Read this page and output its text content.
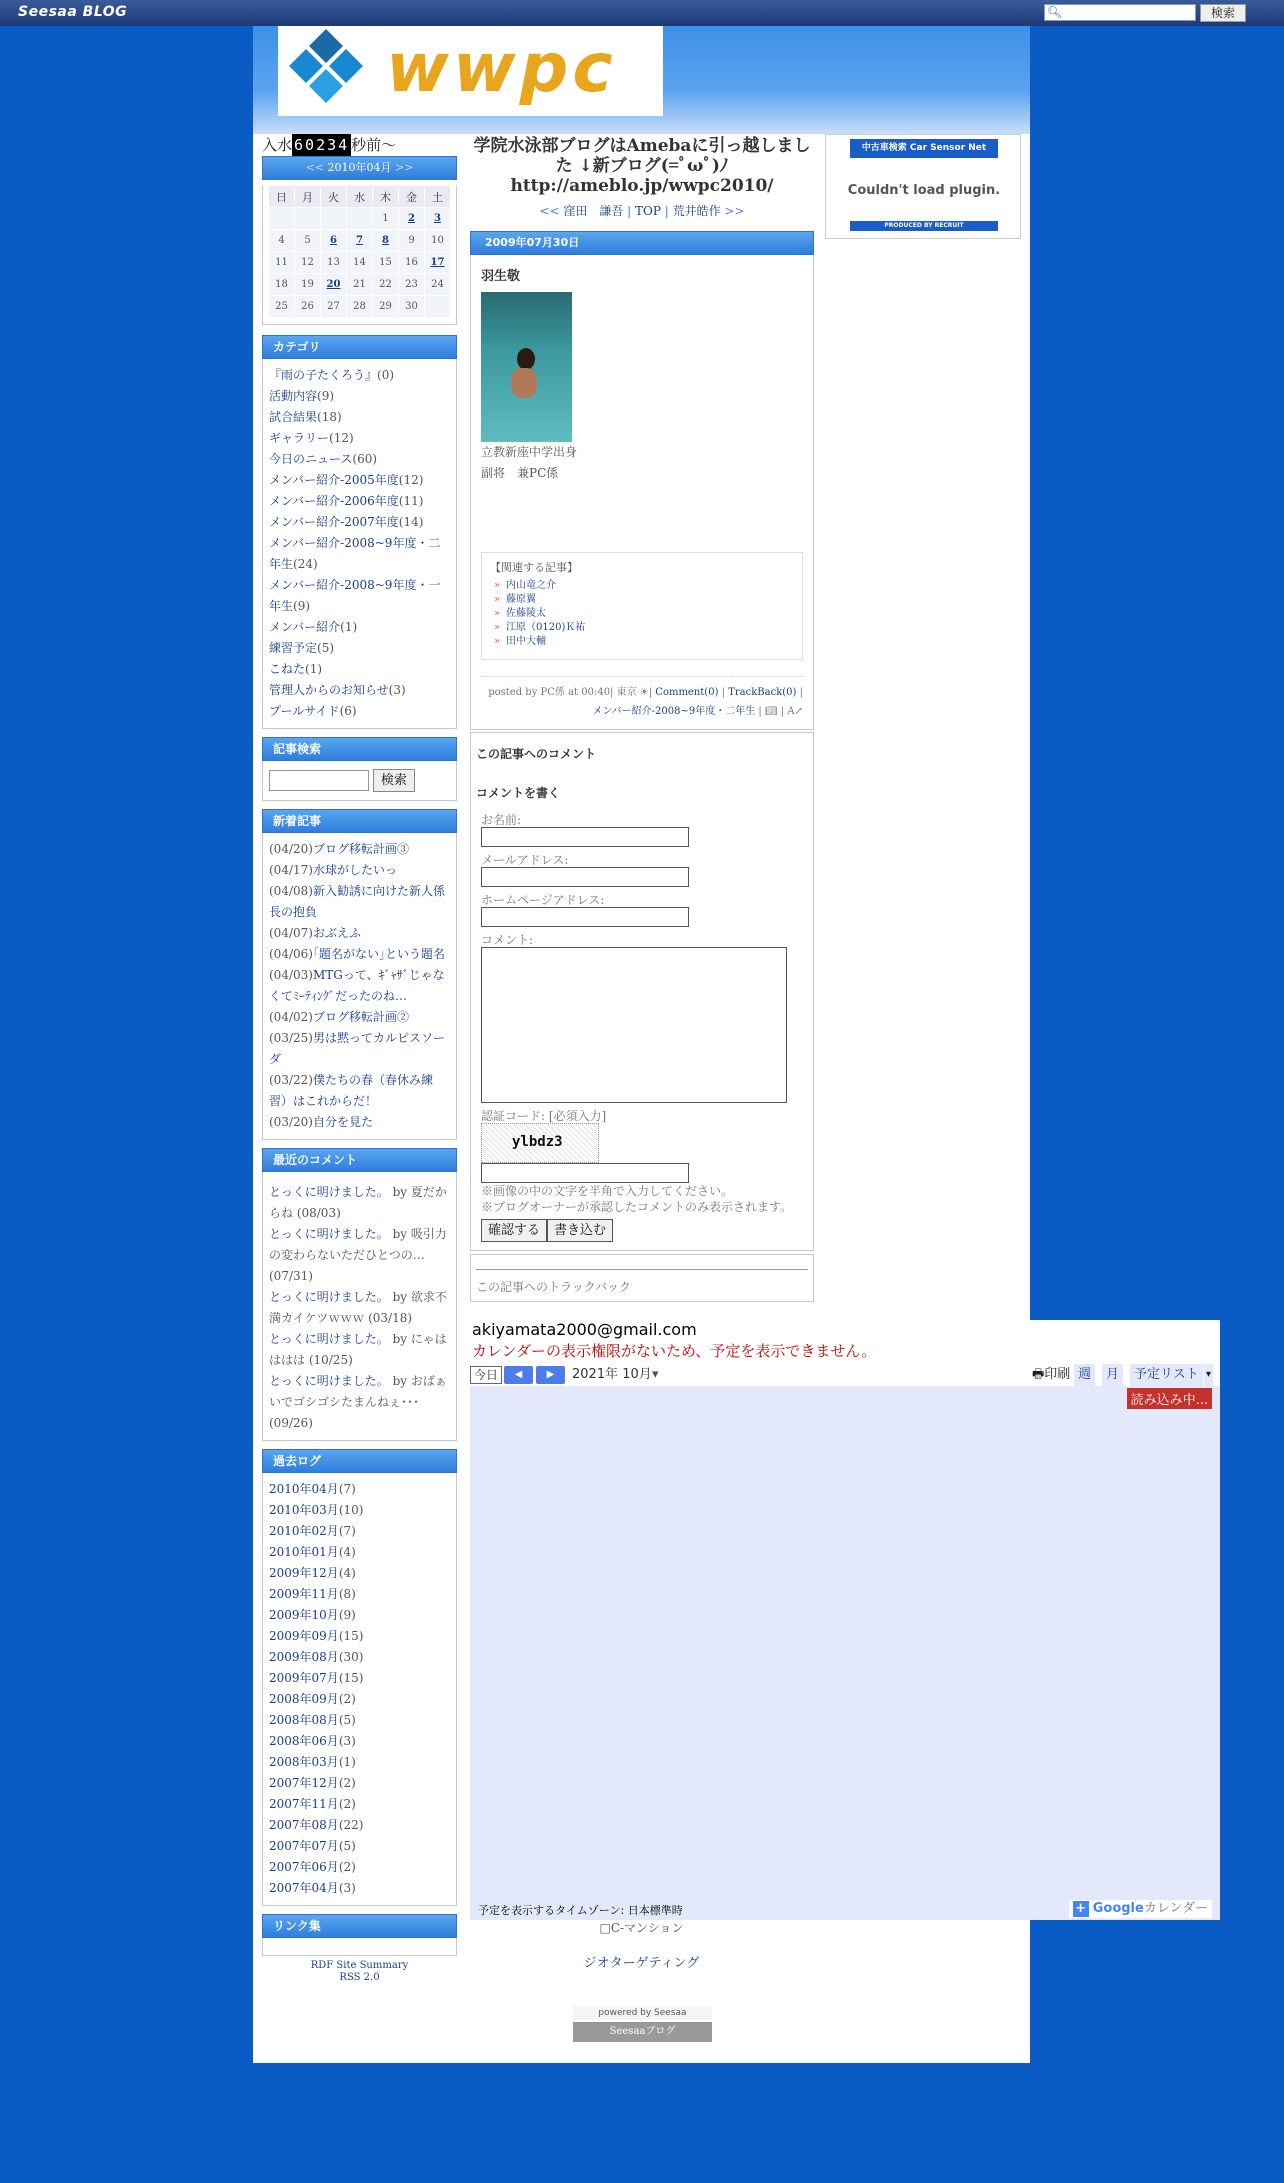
Seesaa BLOG	🔍︎	検索
wwpc
入水 60234 秒前～
<< 2010年04月 >>
日	月	火	水	木	金	土
				1	2	3
4	5	6	7	8	9	10
11	12	13	14	15	16	17
18	19	20	21	22	23	24
25	26	27	28	29	30	
カテゴリ
『雨の子たくろう』(0)
活動内容(9)
試合結果(18)
ギャラリー(12)
今日のニュース(60)
メンバー紹介-2005年度(12)
メンバー紹介-2006年度(11)
メンバー紹介-2007年度(14)
メンバー紹介-2008~9年度・二年生(24)
メンバー紹介-2008~9年度・一年生(9)
メンバー紹介(1)
練習予定(5)
こねた(1)
管理人からのお知らせ(3)
プールサイド(6)
記事検索
検索
新着記事
(04/20)ブログ移転計画③
(04/17)水球がしたいっ
(04/08)新入勧誘に向けた新人係長の抱負
(04/07)おぶえふ
(04/06)｢題名がない｣という題名
(04/03)MTGって、ｷﾞｬｻﾞじゃなくてﾐｰﾃｨﾝｸﾞだったのね…
(04/02)ブログ移転計画②
(03/25)男は黙ってカルピスソーダ
(03/22)僕たちの春（春休み練習）はこれからだ！
(03/20)自分を見た
最近のコメント
とっくに明けました。 by 夏だからね (08/03)
とっくに明けました。 by 吸引力の変わらないただひとつの… (07/31)
とっくに明けました。 by 欲求不満カイケツｗｗｗ (03/18)
とっくに明けました。 by にゃはははは (10/25)
とっくに明けました。 by おばぁいでゴシゴシたまんねぇ･･･ (09/26)
過去ログ
2010年04月(7)
2010年03月(10)
2010年02月(7)
2010年01月(4)
2009年12月(4)
2009年11月(8)
2009年10月(9)
2009年09月(15)
2009年08月(30)
2009年07月(15)
2008年09月(2)
2008年08月(5)
2008年06月(3)
2008年03月(1)
2007年12月(2)
2007年11月(2)
2007年08月(22)
2007年07月(5)
2007年06月(2)
2007年04月(3)
リンク集
RDF Site Summary
RSS 2.0
学院水泳部ブログはAmebaに引っ越しました ↓新ブログ(=ﾟωﾟ)ﾉ
http://ameblo.jp/wwpc2010/
<< 窪田　謙吾 | TOP | 荒井皓作 >>
2009年07月30日
羽生敬
立教新座中学出身
副将　兼PC係
【関連する記事】
» 内山竜之介
» 藤原翼
» 佐藤陵太
» 江原（0120)Ｋ祐
» 田中大輔
posted by PC係 at 00:40| 東京 ☀| Comment(0) | TrackBack(0) | メンバー紹介-2008~9年度・二年生 | 📖︎ | A↗
この記事へのコメント
コメントを書く
お名前:
メールアドレス:
ホームページアドレス:
コメント:
認証コード: [必須入力]
ylbdz3
※画像の中の文字を半角で入力してください。
※ブログオーナーが承認したコメントのみ表示されます。
確認する 書き込む
この記事へのトラックバック
中古車検索 Car Sensor Net
Couldn't load plugin.
PRODUCED BY RECRUIT
□C-マンション
ジオターゲティング
powered by Seesaa
Seesaaブログ
akiyamata2000@gmail.com
カレンダーの表示権限がないため、予定を表示できません。
今日	◀	▶	2021年 10月 ▾	🖶︎印刷 週	月	予定リスト ▾
読み込み中...
予定を表示するタイムゾーン: 日本標準時	+ Googleカレンダー
